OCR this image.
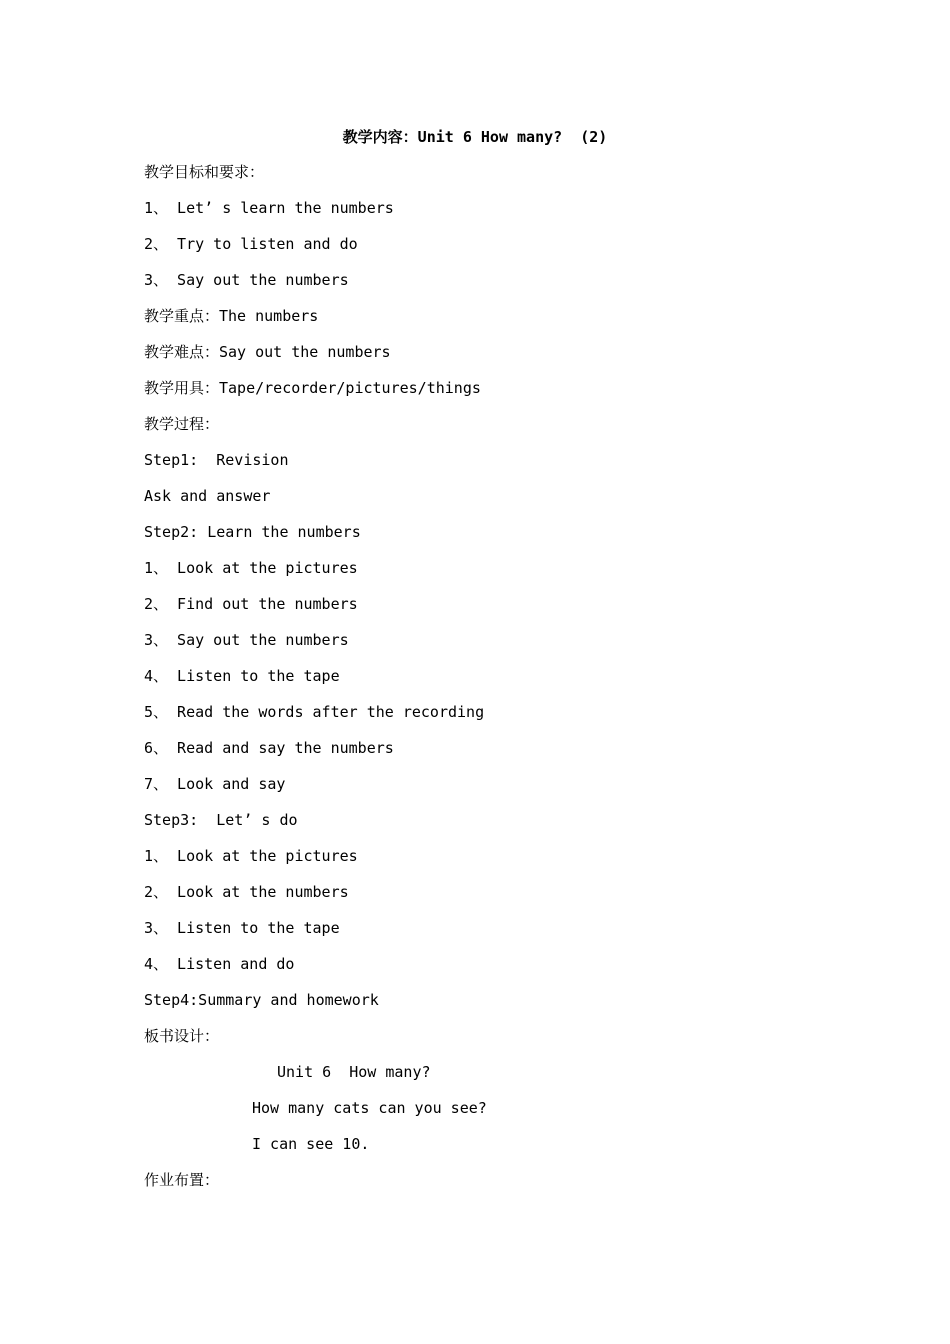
教学内容：Unit 6 How many?  (2)
教学目标和要求：
1、 Let’ s learn the numbers
2、 Try to listen and do
3、 Say out the numbers
教学重点：The numbers
教学难点：Say out the numbers
教学用具：Tape/recorder/pictures/things
教学过程：
Step1:  Revision
Ask and answer
Step2: Learn the numbers
1、 Look at the pictures
2、 Find out the numbers
3、 Say out the numbers
4、 Listen to the tape
5、 Read the words after the recording
6、 Read and say the numbers
7、 Look and say
Step3:  Let’ s do
1、 Look at the pictures
2、 Look at the numbers
3、 Listen to the tape
4、 Listen and do
Step4:Summary and homework
板书设计：
Unit 6  How many?
How many cats can you see?
I can see 10.
作业布置：
